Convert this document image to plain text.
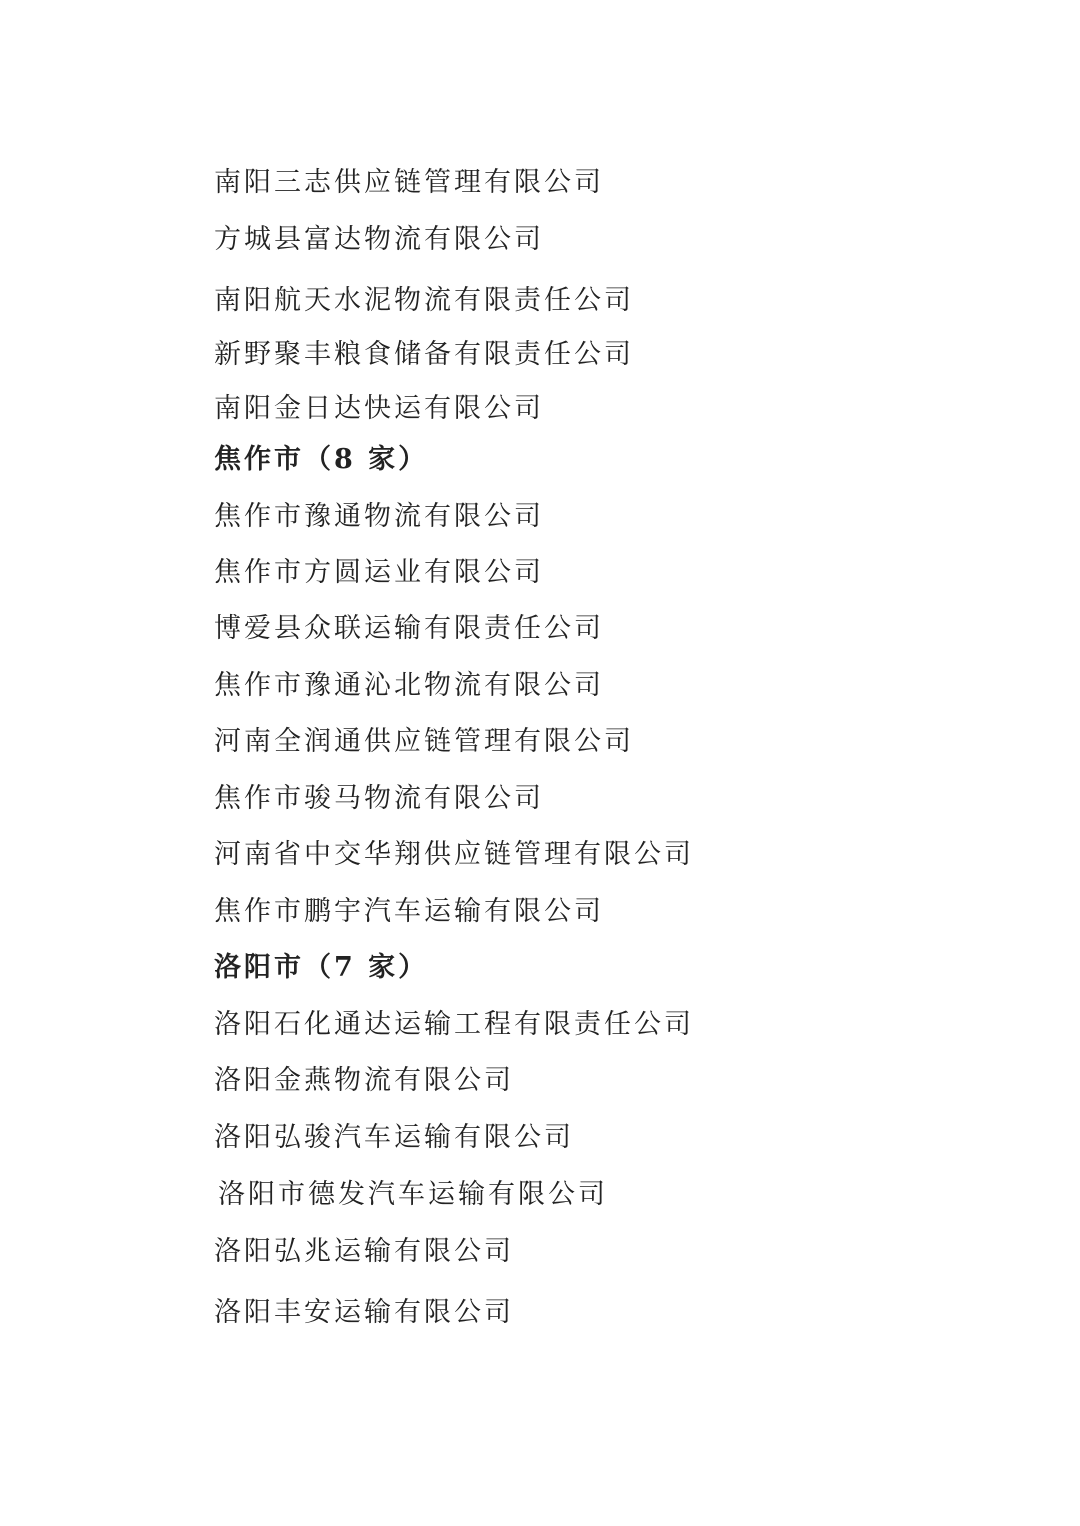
南阳三志供应链管理有限公司
方城县富达物流有限公司
南阳航天水泥物流有限责任公司
新野聚丰粮食储备有限责任公司
南阳金日达快运有限公司
焦作市（8 家）
焦作市豫通物流有限公司
焦作市方圆运业有限公司
博爱县众联运输有限责任公司
焦作市豫通沁北物流有限公司
河南全润通供应链管理有限公司
焦作市骏马物流有限公司
河南省中交华翔供应链管理有限公司
焦作市鹏宇汽车运输有限公司
洛阳市（7 家）
洛阳石化通达运输工程有限责任公司
洛阳金燕物流有限公司
洛阳弘骏汽车运输有限公司
洛阳市德发汽车运输有限公司
洛阳弘兆运输有限公司
洛阳丰安运输有限公司
